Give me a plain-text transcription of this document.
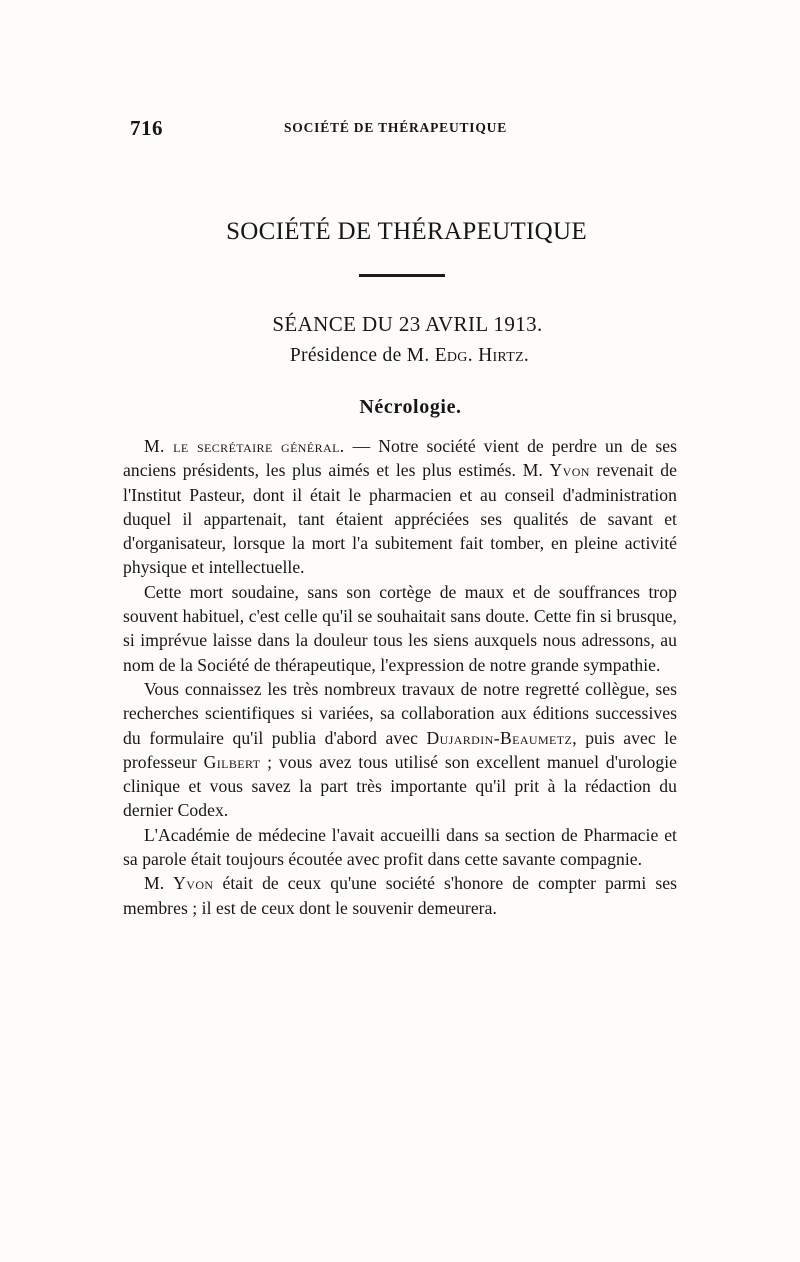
716	SOCIÉTÉ DE THÉRAPEUTIQUE
SOCIÉTÉ DE THÉRAPEUTIQUE
SÉANCE DU 23 AVRIL 1913.
Présidence de M. Edg. Hirtz.
Nécrologie.

M. le secrétaire général. — Notre société vient de perdre un de ses anciens présidents, les plus aimés et les plus estimés. M. Yvon revenait de l'Institut Pasteur, dont il était le pharmacien et au conseil d'administration duquel il appartenait, tant étaient appréciées ses qualités de savant et d'organisateur, lorsque la mort l'a subitement fait tomber, en pleine activité physique et intellectuelle.

Cette mort soudaine, sans son cortège de maux et de souffrances trop souvent habituel, c'est celle qu'il se souhaitait sans doute. Cette fin si brusque, si imprévue laisse dans la douleur tous les siens auxquels nous adressons, au nom de la Société de thérapeutique, l'expression de notre grande sympathie.

Vous connaissez les très nombreux travaux de notre regretté collègue, ses recherches scientifiques si variées, sa collaboration aux éditions successives du formulaire qu'il publia d'abord avec Dujardin-Beaumetz, puis avec le professeur Gilbert ; vous avez tous utilisé son excellent manuel d'urologie clinique et vous savez la part très importante qu'il prit à la rédaction du dernier Codex.

L'Académie de médecine l'avait accueilli dans sa section de Pharmacie et sa parole était toujours écoutée avec profit dans cette savante compagnie.

M. Yvon était de ceux qu'une société s'honore de compter parmi ses membres ; il est de ceux dont le souvenir demeurera.
